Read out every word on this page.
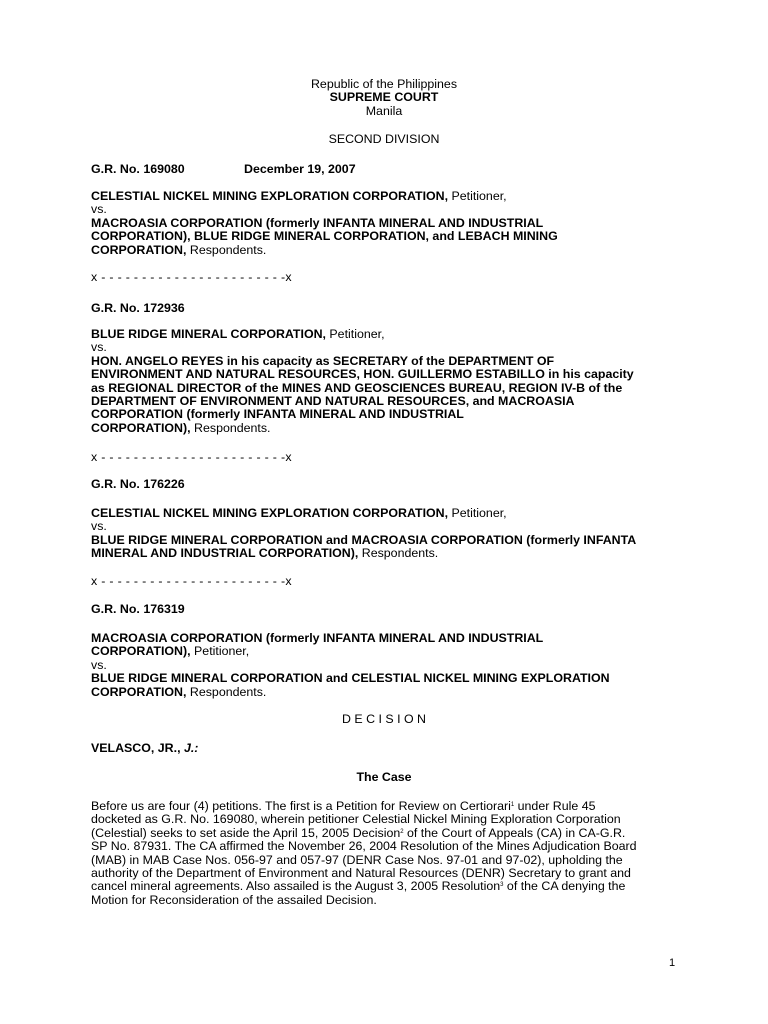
Republic of the Philippines
SUPREME COURT
Manila
SECOND DIVISION
G.R. No. 169080	December 19, 2007
CELESTIAL NICKEL MINING EXPLORATION CORPORATION, Petitioner,
vs.
MACROASIA CORPORATION (formerly INFANTA MINERAL AND INDUSTRIAL
CORPORATION), BLUE RIDGE MINERAL CORPORATION, and LEBACH MINING
CORPORATION, Respondents.
x - - - - - - - - - - - - - - - - - - - - - - -x
G.R. No. 172936
BLUE RIDGE MINERAL CORPORATION, Petitioner,
vs.
HON. ANGELO REYES in his capacity as SECRETARY of the DEPARTMENT OF
ENVIRONMENT AND NATURAL RESOURCES, HON. GUILLERMO ESTABILLO in his capacity
as REGIONAL DIRECTOR of the MINES AND GEOSCIENCES BUREAU, REGION IV-B of the
DEPARTMENT OF ENVIRONMENT AND NATURAL RESOURCES, and MACROASIA
CORPORATION (formerly INFANTA MINERAL AND INDUSTRIAL
CORPORATION), Respondents.
x - - - - - - - - - - - - - - - - - - - - - - -x
G.R. No. 176226
CELESTIAL NICKEL MINING EXPLORATION CORPORATION, Petitioner,
vs.
BLUE RIDGE MINERAL CORPORATION and MACROASIA CORPORATION (formerly INFANTA
MINERAL AND INDUSTRIAL CORPORATION), Respondents.
x - - - - - - - - - - - - - - - - - - - - - - -x
G.R. No. 176319
MACROASIA CORPORATION (formerly INFANTA MINERAL AND INDUSTRIAL
CORPORATION), Petitioner,
vs.
BLUE RIDGE MINERAL CORPORATION and CELESTIAL NICKEL MINING EXPLORATION
CORPORATION, Respondents.
D E C I S I O N
VELASCO, JR., J.:
The Case
Before us are four (4) petitions. The first is a Petition for Review on Certiorari$^1$ under Rule 45
docketed as G.R. No. 169080, wherein petitioner Celestial Nickel Mining Exploration Corporation
(Celestial) seeks to set aside the April 15, 2005 Decision$^2$ of the Court of Appeals (CA) in CA-G.R.
SP No. 87931. The CA affirmed the November 26, 2004 Resolution of the Mines Adjudication Board
(MAB) in MAB Case Nos. 056-97 and 057-97 (DENR Case Nos. 97-01 and 97-02), upholding the
authority of the Department of Environment and Natural Resources (DENR) Secretary to grant and
cancel mineral agreements. Also assailed is the August 3, 2005 Resolution$^3$ of the CA denying the
Motion for Reconsideration of the assailed Decision.
1
